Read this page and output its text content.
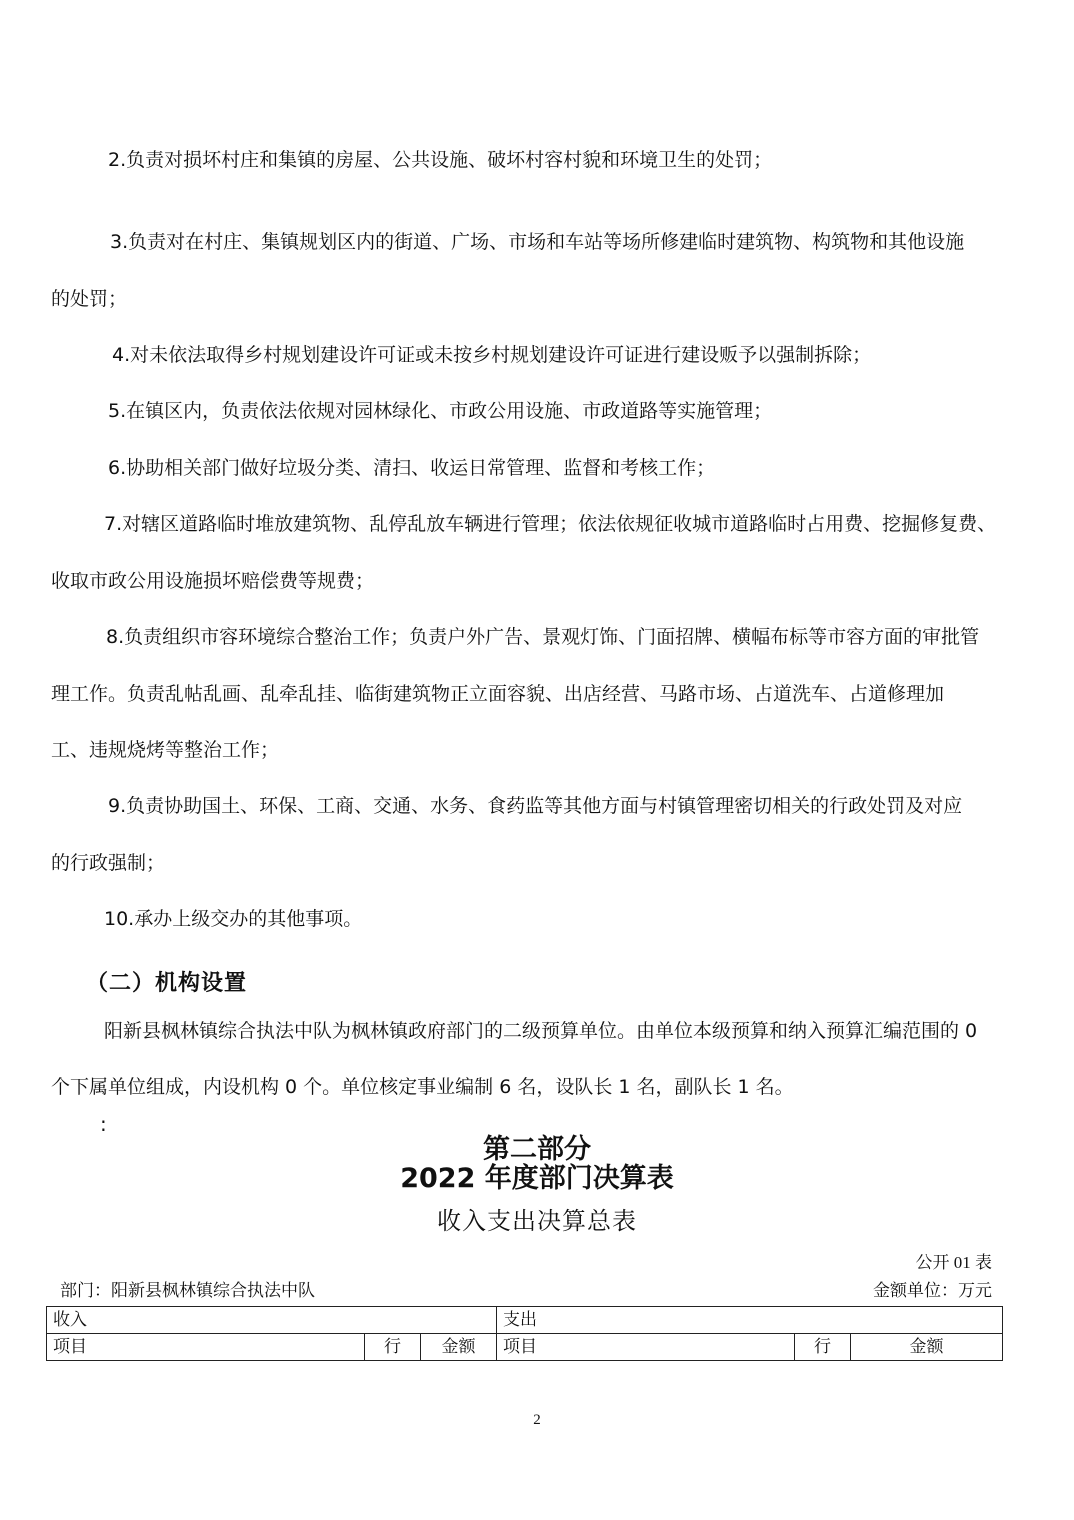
2.负责对损坏村庄和集镇的房屋、公共设施、破坏村容村貌和环境卫生的处罚；
3.负责对在村庄、集镇规划区内的街道、广场、市场和车站等场所修建临时建筑物、构筑物和其他设施
的处罚；
4.对未依法取得乡村规划建设许可证或未按乡村规划建设许可证进行建设贩予以强制拆除；
5.在镇区内，负责依法依规对园林绿化、市政公用设施、市政道路等实施管理；
6.协助相关部门做好垃圾分类、清扫、收运日常管理、监督和考核工作；
7.对辖区道路临时堆放建筑物、乱停乱放车辆进行管理；依法依规征收城市道路临时占用费、挖掘修复费、
收取市政公用设施损坏赔偿费等规费；
8.负责组织市容环境综合整治工作；负责户外广告、景观灯饰、门面招牌、横幅布标等市容方面的审批管
理工作。负责乱帖乱画、乱牵乱挂、临街建筑物正立面容貌、出店经营、马路市场、占道洗车、占道修理加
工、违规烧烤等整治工作；
9.负责协助国土、环保、工商、交通、水务、食药监等其他方面与村镇管理密切相关的行政处罚及对应
的行政强制；
10.承办上级交办的其他事项。
（二）机构设置
阳新县枫林镇综合执法中队为枫林镇政府部门的二级预算单位。由单位本级预算和纳入预算汇编范围的 0
个下属单位组成，内设机构 0 个。单位核定事业编制 6 名，设队长 1 名，副队长 1 名。
:
第二部分
2022 年度部门决算表
收入支出决算总表
公开 01 表
部门：阳新县枫林镇综合执法中队	金额单位：万元
收入			支出		
项目	行	金额	项目	行	金额
2
